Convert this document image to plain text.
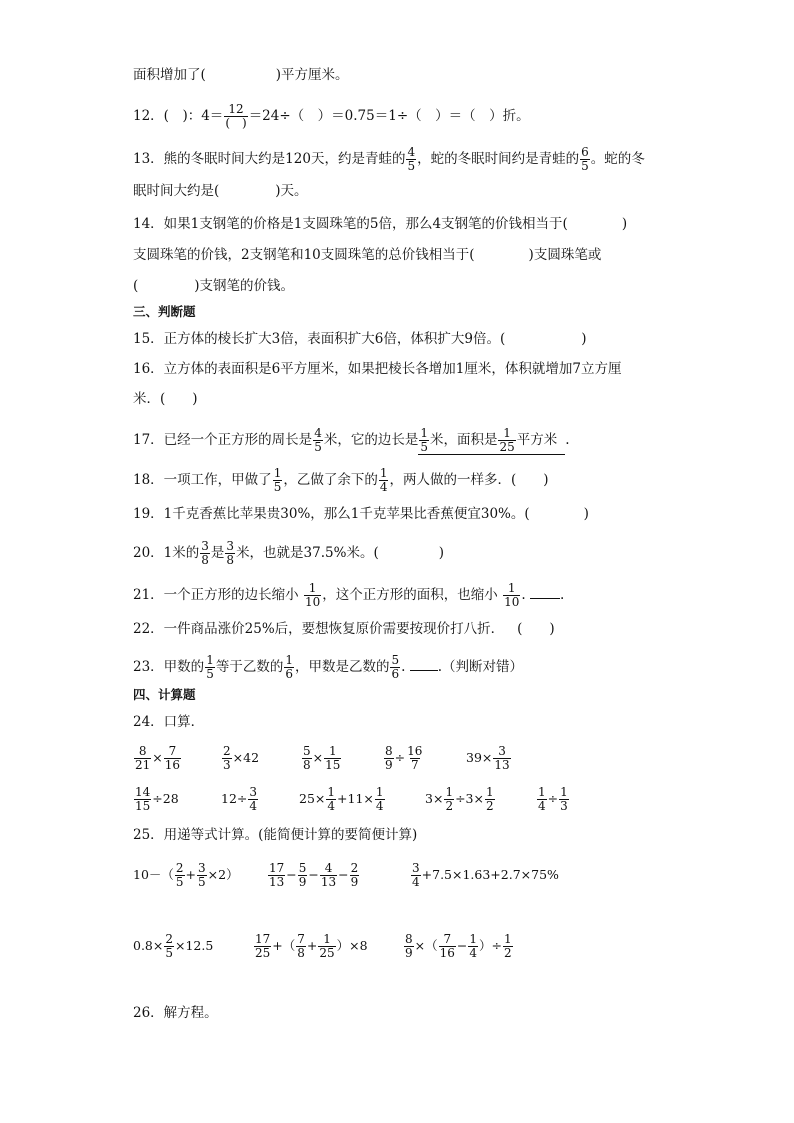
面积增加了(	)平方厘米。
12．(　)：4＝ 12
(　) ＝24÷（　）＝0.75＝1÷（　）＝（　）折。
13．熊的冬眠时间大约是120天，约是青蛙的 $\frac{4}{5}$ ，蛇的冬眠时间约是青蛙的 $\frac{6}{5}$ 。蛇的冬
眠时间大约是(	)天。
14．如果1支钢笔的价格是1支圆珠笔的5倍，那么4支钢笔的价钱相当于(	)
支圆珠笔的价钱，2支钢笔和10支圆珠笔的总价钱相当于(	)支圆珠笔或
(	)支钢笔的价钱。
三、判断题
15．正方体的棱长扩大3倍，表面积扩大6倍，体积扩大9倍。(	)
16．立方体的表面积是6平方厘米，如果把棱长各增加1厘米，体积就增加7立方厘
米．(　　)
17．已经一个正方形的周长是 $\frac{4}{5}$ 米，它的边长是 $\frac{1}{5}$ 米，面积是 $\frac{1}{25}$ 平方米 .
18．一项工作，甲做了 $\frac{1}{5}$ ，乙做了余下的 $\frac{1}{4}$ ，两人做的一样多．(　　)
19．1千克香蕉比苹果贵30%，那么1千克苹果比香蕉便宜30%。(	)
20．1米的 $\frac{3}{8}$ 是 $\frac{3}{8}$ 米，也就是37.5%米。(	)
21．一个正方形的边长缩小 $\frac{1}{10}$ ，这个正方形的面积，也缩小 $\frac{1}{10}$ .	.
22．一件商品涨价25%后，要想恢复原价需要按现价打八折． (　　)
23．甲数的 $\frac{1}{5}$ 等于乙数的 $\frac{1}{6}$ ，甲数是乙数的 $\frac{5}{6}$ . .（判断对错）
四、计算题
24．口算．
$\frac{8}{21} \times \frac{7}{16}$	$\frac{2}{3} \times 42$	$\frac{5}{8} \times \frac{1}{15}$	$\frac{8}{9} \div \frac{16}{7}$	$39\times \frac{3}{13}$
$\frac{14}{15} \div 28$	$12\div \frac{3}{4}$	$25\times \frac{1}{4} +11\times \frac{1}{4}$	$3\times \frac{1}{2} \div 3\times \frac{1}{2}$	$\frac{1}{4} \div \frac{1}{3}$
25．用递等式计算。(能简便计算的要简便计算)
$10-( \frac{2}{5} + \frac{3}{5} \times 2) \frac{17}{13} - \frac{5}{9} - \frac{4}{13} - \frac{2}{9}$	$\frac{3}{4} +7.5\times 1.63+2.7\times 75\%$
$0.8\times \frac{2}{5} \times 12.5$	$\frac{17}{25}$ +（ $\frac{7}{8} + \frac{1}{25} )\times 8$	$\frac{8}{9}$ ×（ $\frac{7}{16} - \frac{1}{4}$ ）÷ $\frac{1}{2}$
26．解方程。
